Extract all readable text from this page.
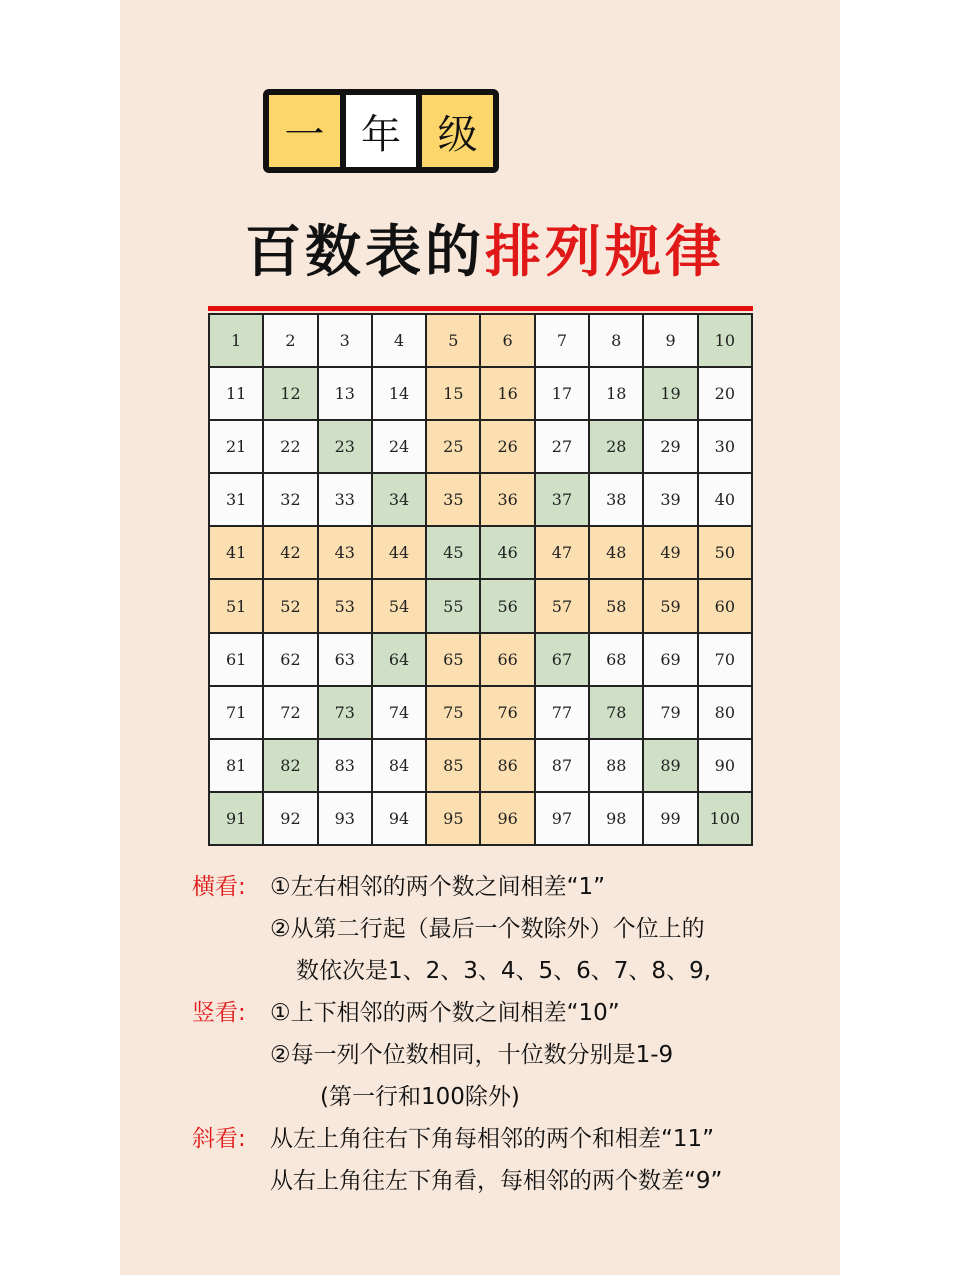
一 年 级
百数表的排列规律
1	2	3	4	5	6	7	8	9	10
11	12	13	14	15	16	17	18	19	20
21	22	23	24	25	26	27	28	29	30
31	32	33	34	35	36	37	38	39	40
41	42	43	44	45	46	47	48	49	50
51	52	53	54	55	56	57	58	59	60
61	62	63	64	65	66	67	68	69	70
71	72	73	74	75	76	77	78	79	80
81	82	83	84	85	86	87	88	89	90
91	92	93	94	95	96	97	98	99	100
横看:	①左右相邻的两个数之间相差“1”
②从第二行起（最后一个数除外）个位上的
数依次是1、2、3、4、5、6、7、8、9,
竖看:	①上下相邻的两个数之间相差“10”
②每一列个位数相同，十位数分别是1-9
(第一行和100除外)
斜看:	从左上角往右下角每相邻的两个和相差“11”
从右上角往左下角看，每相邻的两个数差“9”
